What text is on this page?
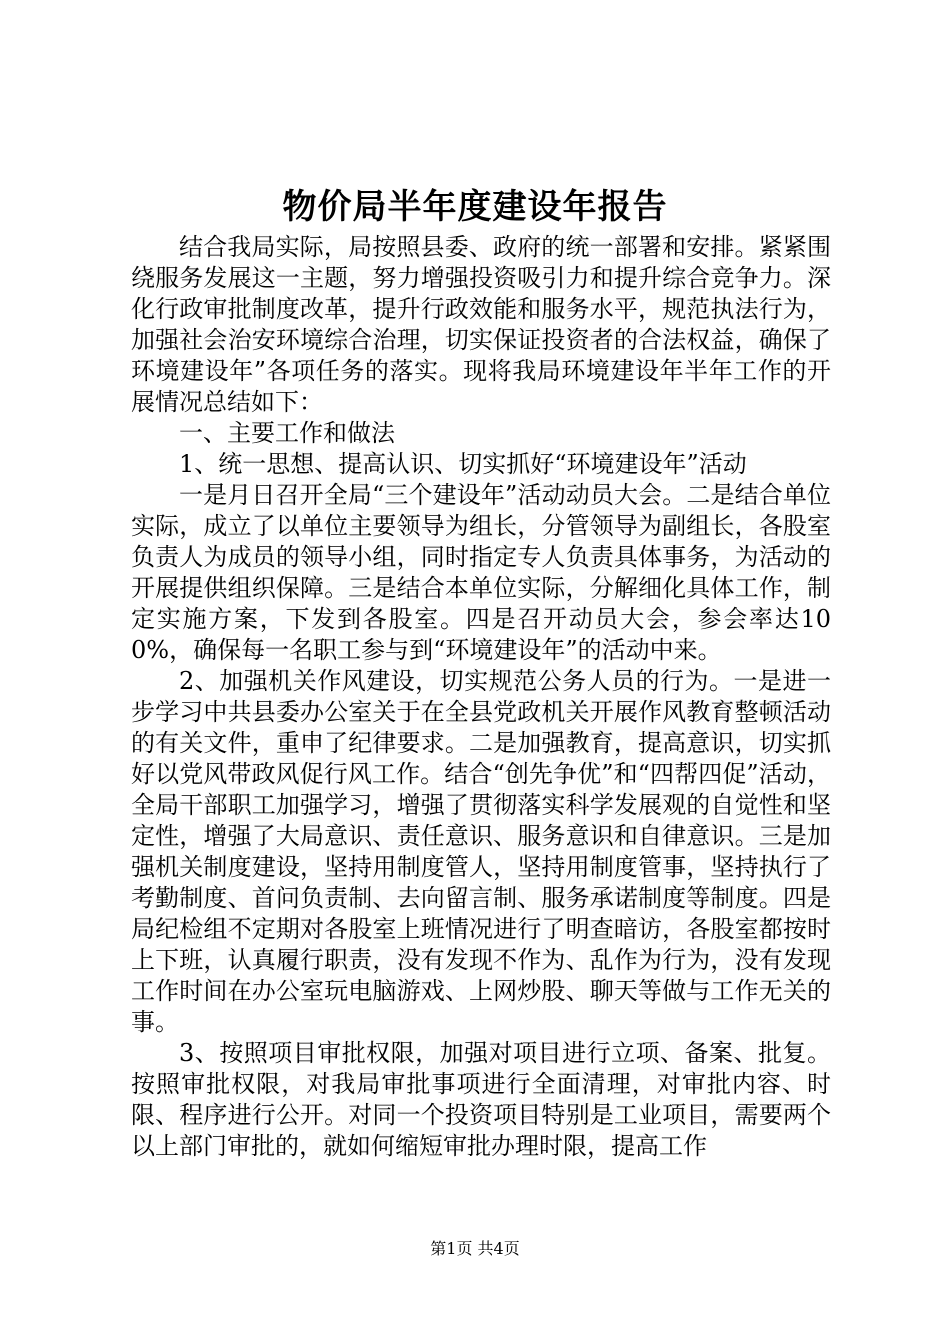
物价局半年度建设年报告

结合我局实际，局按照县委、政府的统一部署和安排。紧紧围绕服务发展这一主题，努力增强投资吸引力和提升综合竞争力。深化行政审批制度改革，提升行政效能和服务水平，规范执法行为，加强社会治安环境综合治理，切实保证投资者的合法权益，确保了环境建设年”各项任务的落实。现将我局环境建设年半年工作的开展情况总结如下：

一、主要工作和做法

1、统一思想、提高认识、切实抓好“环境建设年”活动

一是月日召开全局“三个建设年”活动动员大会。二是结合单位实际，成立了以单位主要领导为组长，分管领导为副组长，各股室负责人为成员的领导小组，同时指定专人负责具体事务，为活动的开展提供组织保障。三是结合本单位实际，分解细化具体工作，制定实施方案，下发到各股室。四是召开动员大会，参会率达100%，确保每一名职工参与到“环境建设年”的活动中来。

2、加强机关作风建设，切实规范公务人员的行为。一是进一步学习中共县委办公室关于在全县党政机关开展作风教育整顿活动的有关文件，重申了纪律要求。二是加强教育，提高意识，切实抓好以党风带政风促行风工作。结合“创先争优”和“四帮四促”活动，全局干部职工加强学习，增强了贯彻落实科学发展观的自觉性和坚定性，增强了大局意识、责任意识、服务意识和自律意识。三是加强机关制度建设，坚持用制度管人，坚持用制度管事，坚持执行了考勤制度、首问负责制、去向留言制、服务承诺制度等制度。四是局纪检组不定期对各股室上班情况进行了明查暗访，各股室都按时上下班，认真履行职责，没有发现不作为、乱作为行为，没有发现工作时间在办公室玩电脑游戏、上网炒股、聊天等做与工作无关的事。

3、按照项目审批权限，加强对项目进行立项、备案、批复。按照审批权限，对我局审批事项进行全面清理，对审批内容、时限、程序进行公开。对同一个投资项目特别是工业项目，需要两个以上部门审批的，就如何缩短审批办理时限，提高工作

第1页 共4页
